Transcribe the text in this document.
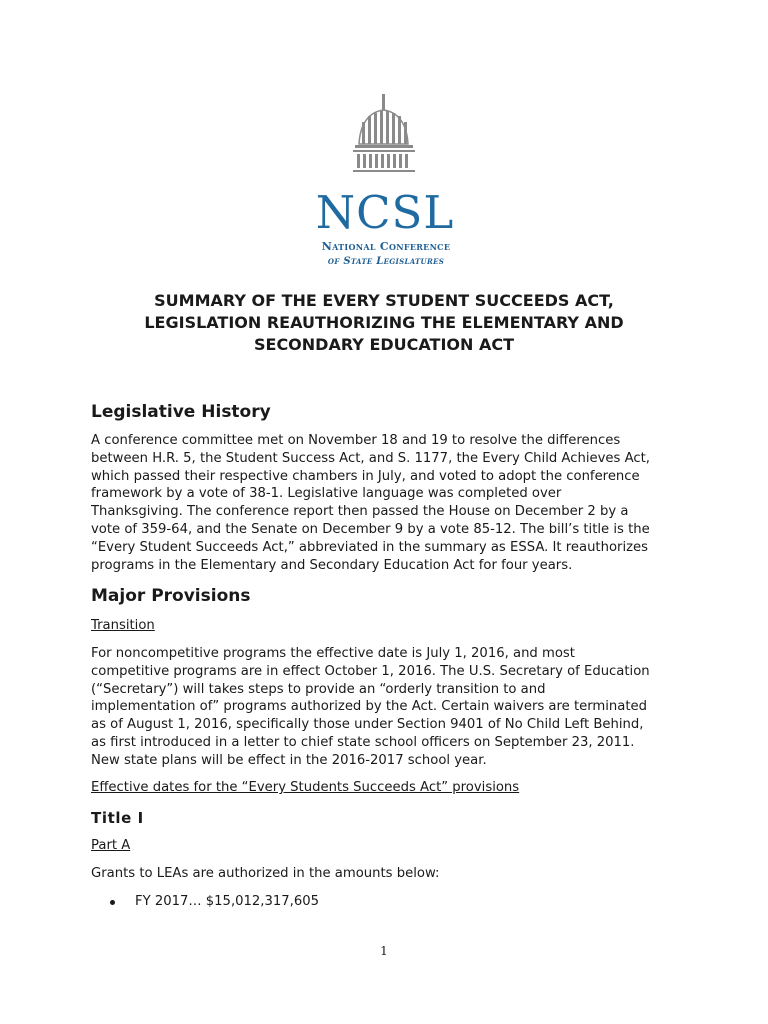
NCSL
National Conference
of State Legislatures
SUMMARY OF THE EVERY STUDENT SUCCEEDS ACT,
LEGISLATION REAUTHORIZING THE ELEMENTARY AND
SECONDARY EDUCATION ACT
Legislative History
A conference committee met on November 18 and 19 to resolve the differences
between H.R. 5, the Student Success Act, and S. 1177, the Every Child Achieves Act,
which passed their respective chambers in July, and voted to adopt the conference
framework by a vote of 38-1. Legislative language was completed over
Thanksgiving. The conference report then passed the House on December 2 by a
vote of 359-64, and the Senate on December 9 by a vote 85-12. The bill’s title is the
“Every Student Succeeds Act,” abbreviated in the summary as ESSA. It reauthorizes
programs in the Elementary and Secondary Education Act for four years.
Major Provisions
Transition
For noncompetitive programs the effective date is July 1, 2016, and most
competitive programs are in effect October 1, 2016. The U.S. Secretary of Education
(“Secretary”) will takes steps to provide an “orderly transition to and
implementation of” programs authorized by the Act. Certain waivers are terminated
as of August 1, 2016, specifically those under Section 9401 of No Child Left Behind,
as first introduced in a letter to chief state school officers on September 23, 2011.
New state plans will be effect in the 2016-2017 school year.
Effective dates for the “Every Students Succeeds Act” provisions
Title I
Part A
Grants to LEAs are authorized in the amounts below:
FY 2017… $15,012,317,605
1
